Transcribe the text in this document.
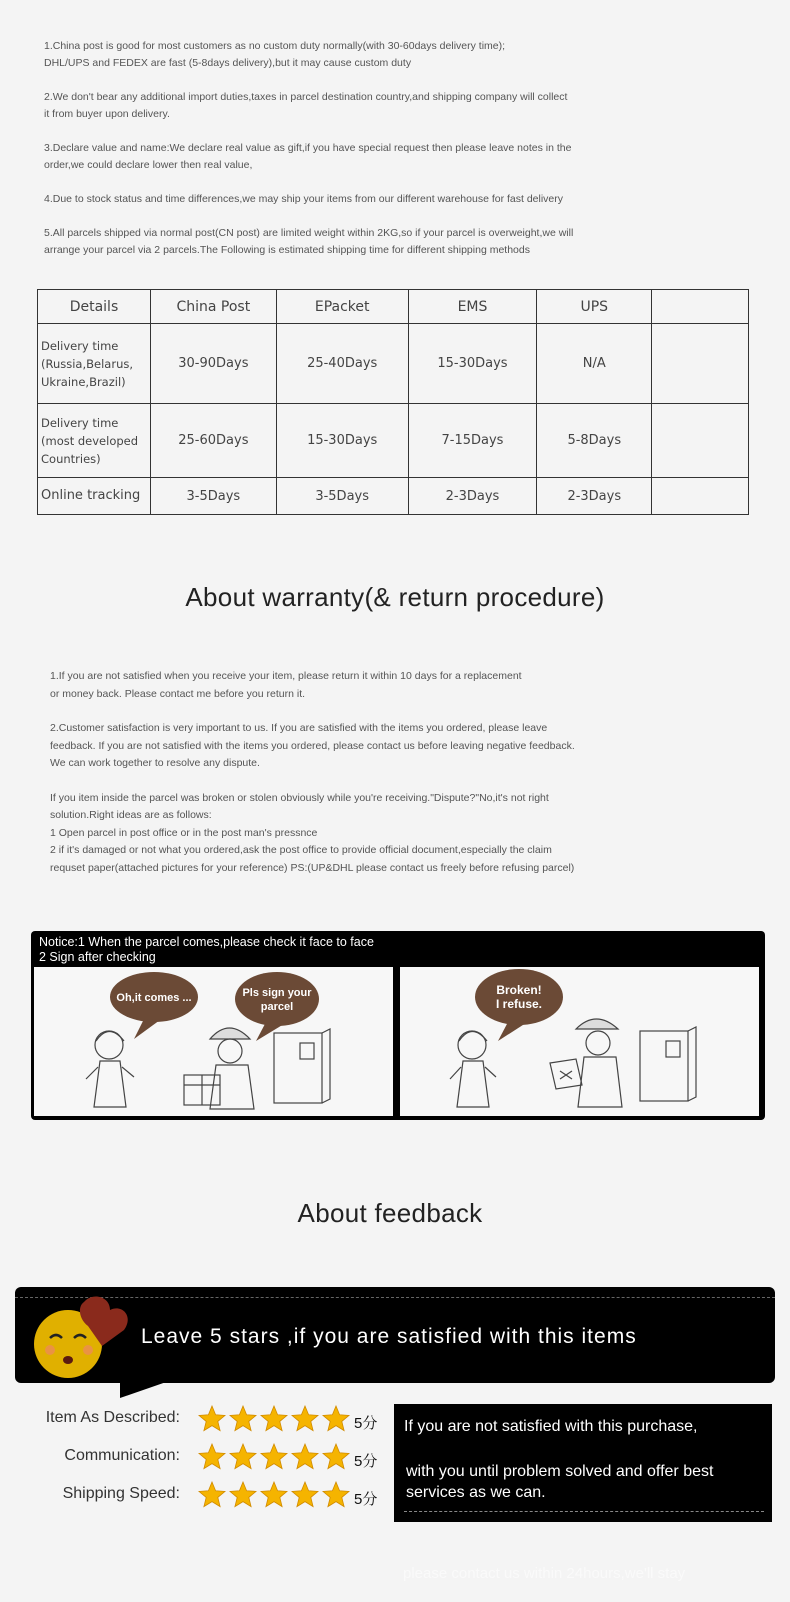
1.China post is good for most customers as no custom duty normally(with 30-60days delivery time);
DHL/UPS and FEDEX are fast (5-8days delivery),but it may cause custom duty

2.We don't bear any additional import duties,taxes in parcel destination country,and shipping company will collect
it from buyer upon delivery.

3.Declare value and name:We declare real value as gift,if you have special request then please leave notes in the
order,we could declare lower then real value,

4.Due to stock status and time differences,we may ship your items from our different warehouse for fast delivery

5.All parcels shipped via normal post(CN post) are limited weight within 2KG,so if your parcel is overweight,we will
arrange your parcel via 2 parcels.The Following is estimated shipping time for different shipping methods

Details	China Post	EPacket	EMS	UPS	
Delivery time
(Russia,Belarus,
Ukraine,Brazil)	30-90Days	25-40Days	15-30Days	N/A	
Delivery time
(most developed
Countries)	25-60Days	15-30Days	7-15Days	5-8Days	
Online tracking	3-5Days	3-5Days	2-3Days	2-3Days	
About warranty(& return procedure)

1.If you are not satisfied when you receive your item, please return it within 10 days for a replacement
or money back. Please contact me before you return it.

2.Customer satisfaction is very important to us. If you are satisfied with the items you ordered, please leave
feedback. If you are not satisfied with the items you ordered, please contact us before leaving negative feedback.
We can work together to resolve any dispute.

If you item inside the parcel was broken or stolen obviously while you're receiving."Dispute?"No,it's not right
solution.Right ideas are as follows:
1 Open parcel in post office or in the post man's pressnce
2 if it's damaged or not what you ordered,ask the post office to provide official document,especially the claim
requset paper(attached pictures for your reference) PS:(UP&DHL please contact us freely before refusing parcel)

Notice:1 When the parcel comes,please check it face to face
2 Sign after checking
Oh,it comes ...	Pls sign your
parcel
Broken!
I refuse.
About feedback
Leave 5 stars ,if you are satisfied with this items
Item As Described:	5分
Communication:	5分
Shipping Speed:	5分
If you are not satisfied with this purchase,
with you until problem solved and offer best services as we can.
please contact us within 24hours,we'll stay
